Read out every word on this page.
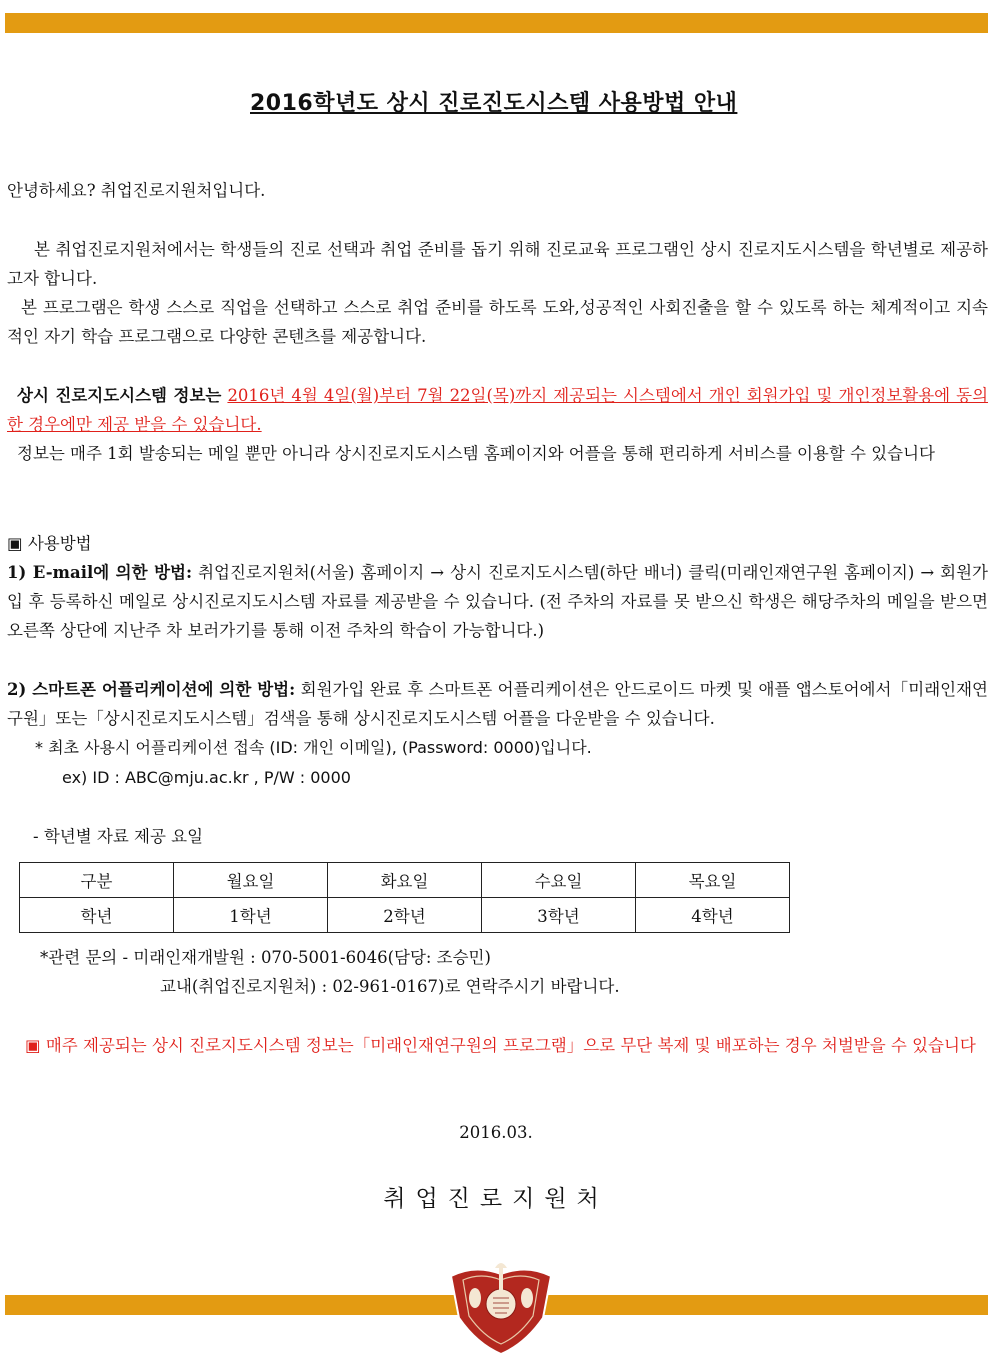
2016학년도 상시 진로진도시스템 사용방법 안내
안녕하세요? 취업진로지원처입니다.
본 취업진로지원처에서는 학생들의 진로 선택과 취업 준비를 돕기 위해 진로교육 프로그램인 상시 진로지도시스템을 학년별로 제공하고자 합니다.
본 프로그램은 학생 스스로 직업을 선택하고 스스로 취업 준비를 하도록 도와,성공적인 사회진출을 할 수 있도록 하는 체계적이고 지속적인 자기 학습 프로그램으로 다양한 콘텐츠를 제공합니다.
상시 진로지도시스템 정보는 2016년 4월 4일(월)부터 7월 22일(목)까지 제공되는 시스템에서 개인 회원가입 및 개인정보활용에 동의한 경우에만 제공 받을 수 있습니다.
정보는 매주 1회 발송되는 메일 뿐만 아니라 상시진로지도시스템 홈페이지와 어플을 통해 편리하게 서비스를 이용할 수 있습니다
▣ 사용방법
1) E-mail에 의한 방법: 취업진로지원처(서울) 홈페이지 → 상시 진로지도시스템(하단 배너) 클릭(미래인재연구원 홈페이지) → 회원가입 후 등록하신 메일로 상시진로지도시스템 자료를 제공받을 수 있습니다. (전 주차의 자료를 못 받으신 학생은 해당주차의 메일을 받으면 오른쪽 상단에 지난주 차 보러가기를 통해 이전 주차의 학습이 가능합니다.)
2) 스마트폰 어플리케이션에 의한 방법: 회원가입 완료 후 스마트폰 어플리케이션은 안드로이드 마켓 및 애플 앱스토어에서「미래인재연구원」또는「상시진로지도시스템」검색을 통해 상시진로지도시스템 어플을 다운받을 수 있습니다.
* 최초 사용시 어플리케이션 접속 (ID: 개인 이메일), (Password: 0000)입니다.
ex) ID : ABC@mju.ac.kr , P/W : 0000
- 학년별 자료 제공 요일
구분	월요일	화요일	수요일	목요일
학년	1학년	2학년	3학년	4학년
*관련 문의 - 미래인재개발원 : 070-5001-6046(담당: 조승민)
교내(취업진로지원처) : 02-961-0167)로 연락주시기 바랍니다.
▣ 매주 제공되는 상시 진로지도시스템 정보는「미래인재연구원의 프로그램」으로 무단 복제 및 배포하는 경우 처벌받을 수 있습니다
2016.03.
취업진로지원처
